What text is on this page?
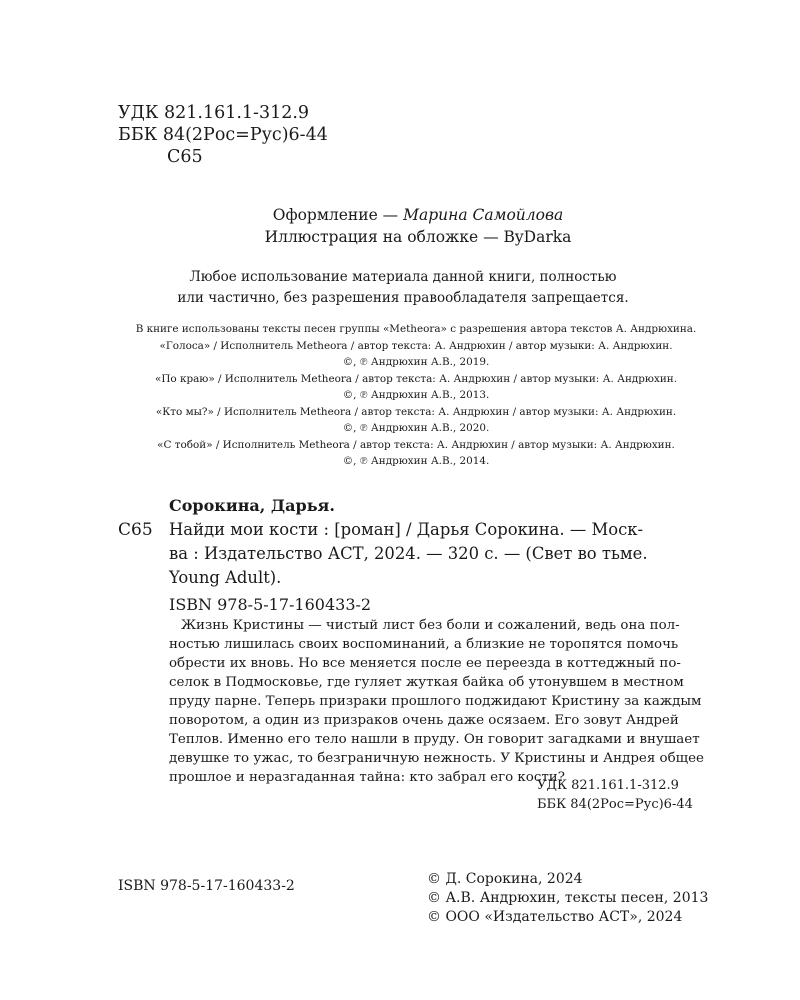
УДК 821.161.1-312.9
ББК 84(2Рос=Рус)6-44
С65
Оформление — Марина Самойлова
Иллюстрация на обложке — ByDarka
Любое использование материала данной книги, полностью
или частично, без разрешения правообладателя запрещается.
В книге использованы тексты песен группы «Metheora» с разрешения автора текстов А. Андрюхина.
«Голоса» / Исполнитель Metheora / автор текста: А. Андрюхин / автор музыки: А. Андрюхин.
©, ℗ Андрюхин А.В., 2019.
«По краю» / Исполнитель Metheora / автор текста: А. Андрюхин / автор музыки: А. Андрюхин.
©, ℗ Андрюхин А.В., 2013.
«Кто мы?» / Исполнитель Metheora / автор текста: А. Андрюхин / автор музыки: А. Андрюхин.
©, ℗ Андрюхин А.В., 2020.
«С тобой» / Исполнитель Metheora / автор текста: А. Андрюхин / автор музыки: А. Андрюхин.
©, ℗ Андрюхин А.В., 2014.
Сорокина, Дарья.
С65 Найди мои кости : [роман] / Дарья Сорокина. — Моск-
ва : Издательство АСТ, 2024. — 320 с. — (Свет во тьме.
Young Adult).
ISBN 978-5-17-160433-2
Жизнь Кристины — чистый лист без боли и сожалений, ведь она пол-
ностью лишилась своих воспоминаний, а близкие не торопятся помочь
обрести их вновь. Но все меняется после ее переезда в коттеджный по-
селок в Подмосковье, где гуляет жуткая байка об утонувшем в местном
пруду парне. Теперь призраки прошлого поджидают Кристину за каждым
поворотом, а один из призраков очень даже осязаем. Его зовут Андрей
Теплов. Именно его тело нашли в пруду. Он говорит загадками и внушает
девушке то ужас, то безграничную нежность. У Кристины и Андрея общее
прошлое и неразгаданная тайна: кто забрал его кости?
УДК 821.161.1-312.9
ББК 84(2Рос=Рус)6-44
ISBN 978-5-17-160433-2	© Д. Сорокина, 2024
© А.В. Андрюхин, тексты песен, 2013
© ООО «Издательство АСТ», 2024
